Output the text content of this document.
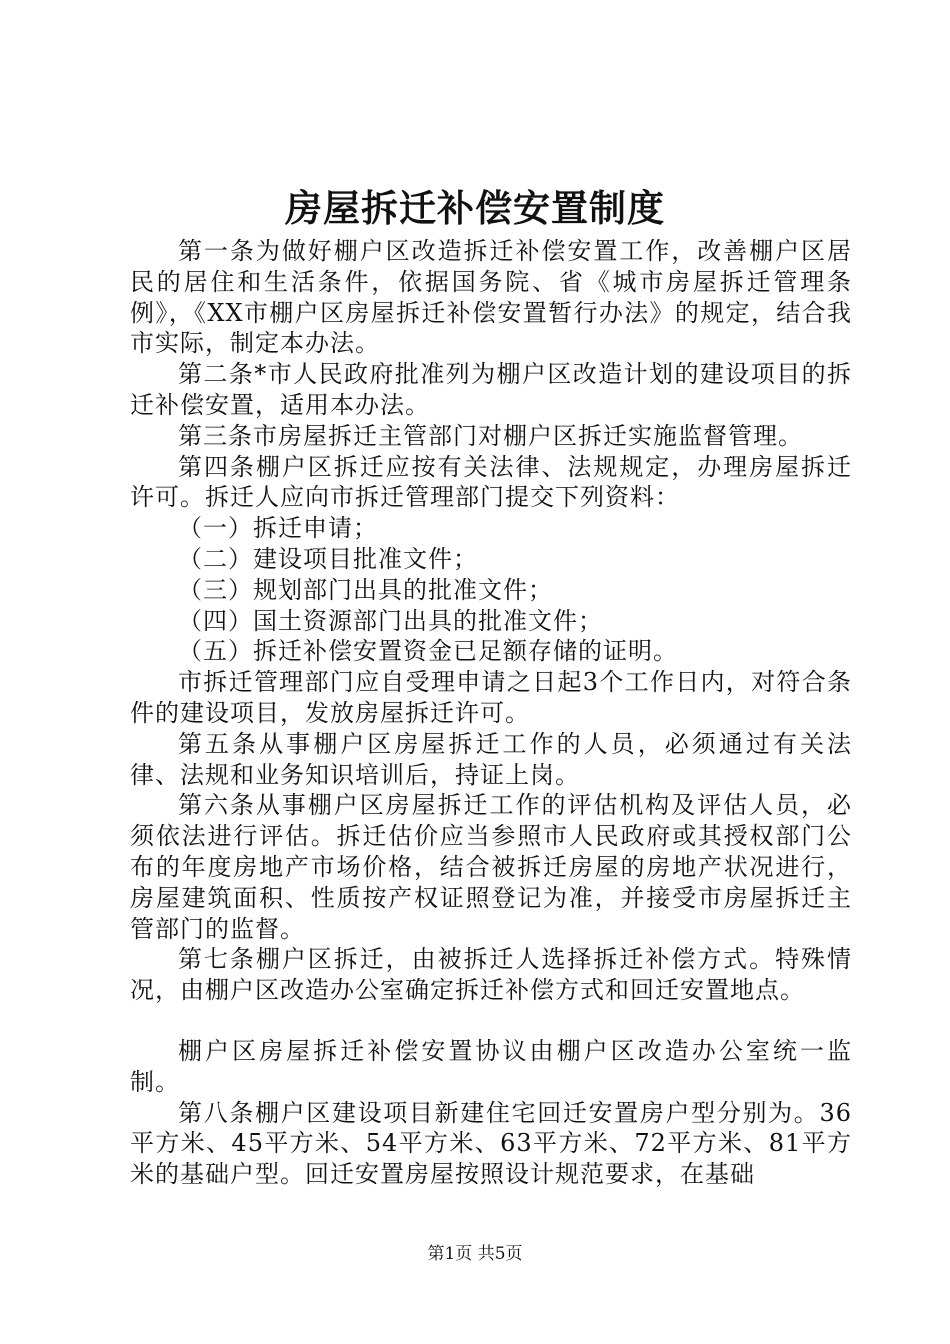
房屋拆迁补偿安置制度

第一条为做好棚户区改造拆迁补偿安置工作，改善棚户区居民的居住和生活条件，依据国务院、省《城市房屋拆迁管理条例》，《XX市棚户区房屋拆迁补偿安置暂行办法》的规定，结合我市实际，制定本办法。

第二条*市人民政府批准列为棚户区改造计划的建设项目的拆迁补偿安置，适用本办法。

第三条市房屋拆迁主管部门对棚户区拆迁实施监督管理。

第四条棚户区拆迁应按有关法律、法规规定，办理房屋拆迁许可。拆迁人应向市拆迁管理部门提交下列资料：

（一）拆迁申请；

（二）建设项目批准文件；

（三）规划部门出具的批准文件；

（四）国土资源部门出具的批准文件；

（五）拆迁补偿安置资金已足额存储的证明。

市拆迁管理部门应自受理申请之日起3个工作日内，对符合条件的建设项目，发放房屋拆迁许可。

第五条从事棚户区房屋拆迁工作的人员，必须通过有关法律、法规和业务知识培训后，持证上岗。

第六条从事棚户区房屋拆迁工作的评估机构及评估人员，必须依法进行评估。拆迁估价应当参照市人民政府或其授权部门公布的年度房地产市场价格，结合被拆迁房屋的房地产状况进行，房屋建筑面积、性质按产权证照登记为准，并接受市房屋拆迁主管部门的监督。

第七条棚户区拆迁，由被拆迁人选择拆迁补偿方式。特殊情况，由棚户区改造办公室确定拆迁补偿方式和回迁安置地点。

棚户区房屋拆迁补偿安置协议由棚户区改造办公室统一监制。

第八条棚户区建设项目新建住宅回迁安置房户型分别为。36平方米、45平方米、54平方米、63平方米、72平方米、81平方米的基础户型。回迁安置房屋按照设计规范要求，在基础

第1页 共5页
